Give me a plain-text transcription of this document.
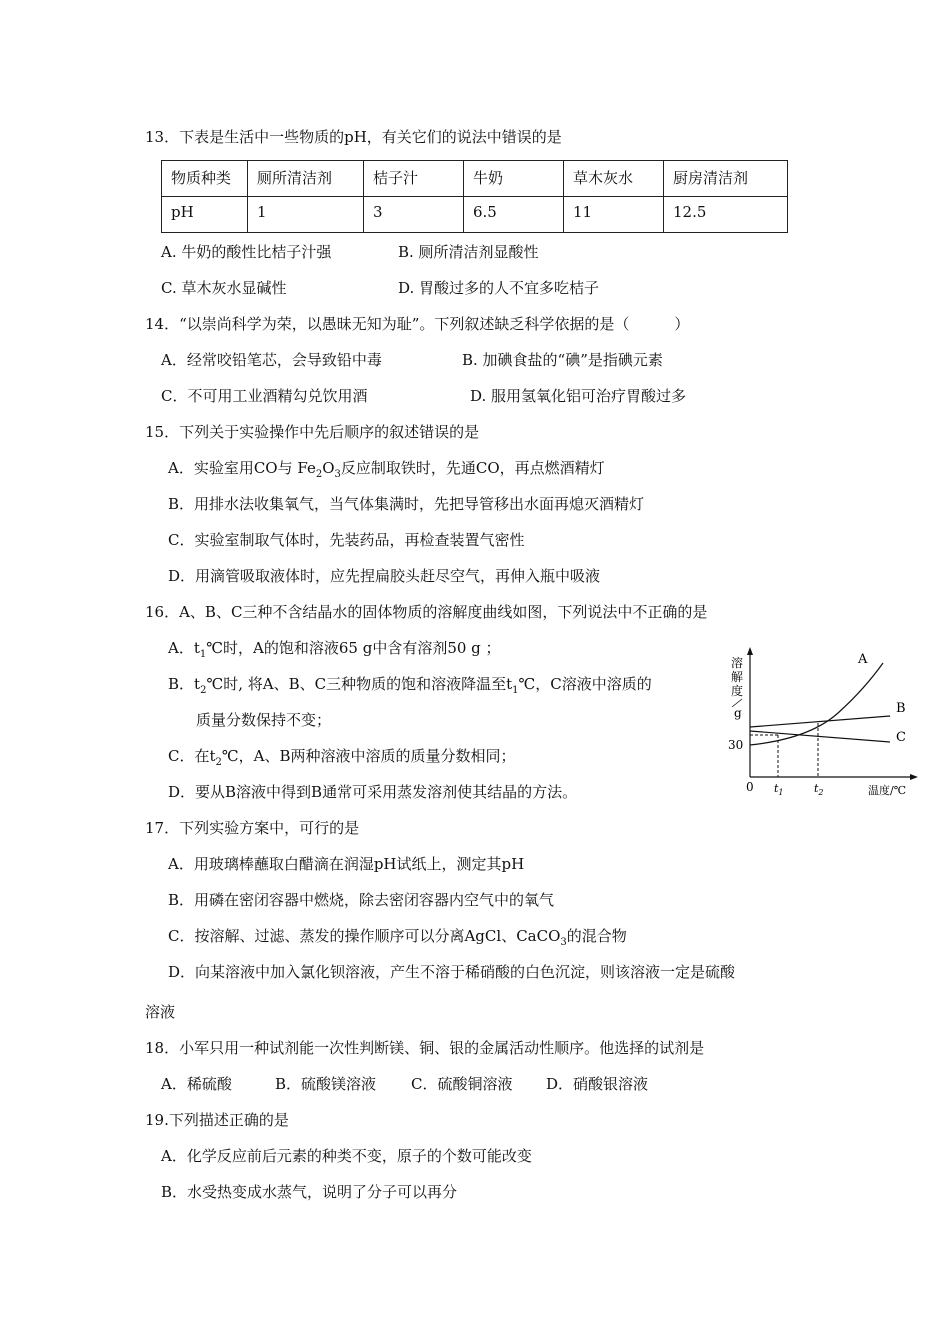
13．下表是生活中一些物质的pH，有关它们的说法中错误的是
物质种类	厕所清洁剂	桔子汁	牛奶	草木灰水	厨房清洁剂
pH	1	3	6.5	11	12.5
A. 牛奶的酸性比桔子汁强	B. 厕所清洁剂显酸性
C. 草木灰水显碱性	D. 胃酸过多的人不宜多吃桔子
14．“以崇尚科学为荣，以愚昧无知为耻”。下列叙述缺乏科学依据的是（　　　）
A．经常咬铅笔芯，会导致铅中毒	B. 加碘食盐的“碘”是指碘元素
C．不可用工业酒精勾兑饮用酒	D. 服用氢氧化铝可治疗胃酸过多
15．下列关于实验操作中先后顺序的叙述错误的是
A．实验室用CO与 $Fe_2O_3$反应制取铁时，先通CO，再点燃酒精灯
B．用排水法收集氧气，当气体集满时，先把导管移出水面再熄灭酒精灯
C．实验室制取气体时，先装药品，再检查装置气密性
D．用滴管吸取液体时，应先捏扁胶头赶尽空气，再伸入瓶中吸液
16．A、B、C三种不含结晶水的固体物质的溶解度曲线如图，下列说法中不正确的是
A．$t_1℃$时，A的饱和溶液65 g中含有溶剂50 g ；
B．$t_2℃$时, 将A、B、C三种物质的饱和溶液降温至$t_1℃$，C溶液中溶质的
质量分数保持不变；
C．在$t_2℃$，A、B两种溶液中溶质的质量分数相同；
D．要从B溶液中得到B通常可采用蒸发溶剂使其结晶的方法。
溶
解
度
g
30
0
A
B
C
$t_1$	$t_2$	温度/℃
17．下列实验方案中，可行的是
A．用玻璃棒蘸取白醋滴在润湿pH试纸上，测定其pH
B．用磷在密闭容器中燃烧，除去密闭容器内空气中的氧气
C．按溶解、过滤、蒸发的操作顺序可以分离AgCl、CaCO$_3$的混合物
D．向某溶液中加入氯化钡溶液，产生不溶于稀硝酸的白色沉淀，则该溶液一定是硫酸
溶液
18．小军只用一种试剂能一次性判断镁、铜、银的金属活动性顺序。他选择的试剂是
A．稀硫酸	B．硫酸镁溶液 C．硫酸铜溶液 D．硝酸银溶液
19.下列描述正确的是
A．化学反应前后元素的种类不变，原子的个数可能改变
B．水受热变成水蒸气，说明了分子可以再分
